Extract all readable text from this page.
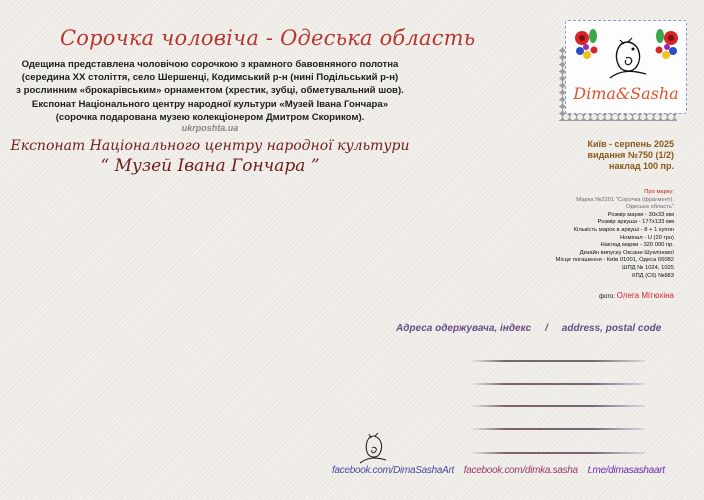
Сорочка чоловіча - Одеська область
Одещина представлена чоловічою сорочкою з крамного бавовняного полотна
(середина ХХ століття, село Шершенці, Кодимський р-н (нині Подільський р-н)
з рослинним «брокарівським» орнаментом (хрестик, зубці, обметувальний шов).
Експонат Національного центру народної культури «Музей Івана Гончара»
(сорочка подарована музею колекціонером Дмитром Скориком).
ukrposhta.ua
Експонат Національного центру народної культури
“ Музей Івана Гончара ”
Dima&Sasha
Київ - серпень 2025
видання №750 (1/2)
наклад 100 пр.
Про марку:
Марка №2201 "Сорочка (фрагмент).
Одеська область"
Розмір марки - 30x33 мм
Розмір аркуша - 177x133 мм
Кількість марок в аркуші - 8 + 1 купон
Номінал - U (20 грн)
Наклад марки - 320 000 пр.
Дизайн випуску Оксани Шуклінової
Місце погашення - Київ 01001, Одеса 65082
ШПД № 1024, 1025
КПД (С6) №883
фото: Олега Мітюхіна
Адреса одержувача, індекс / address, postal code
facebook.com/DimaSashaArt facebook.com/dimka.sasha t.me/dimasashaart
